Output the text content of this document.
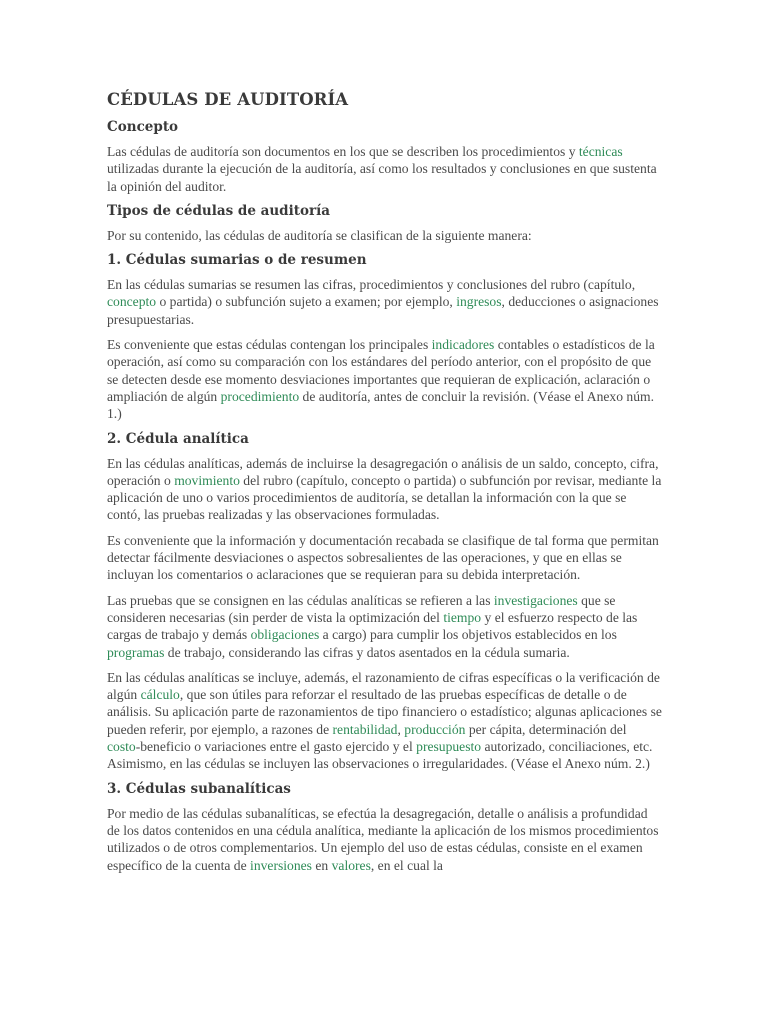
CÉDULAS DE AUDITORÍA
Concepto

Las cédulas de auditoría son documentos en los que se describen los procedimientos y técnicas utilizadas durante la ejecución de la auditoría, así como los resultados y conclusiones en que sustenta la opinión del auditor.

Tipos de cédulas de auditoría

Por su contenido, las cédulas de auditoría se clasifican de la siguiente manera:

1. Cédulas sumarias o de resumen

En las cédulas sumarias se resumen las cifras, procedimientos y conclusiones del rubro (capítulo, concepto o partida) o subfunción sujeto a examen; por ejemplo, ingresos, deducciones o asignaciones presupuestarias.

Es conveniente que estas cédulas contengan los principales indicadores contables o estadísticos de la operación, así como su comparación con los estándares del período anterior, con el propósito de que se detecten desde ese momento desviaciones importantes que requieran de explicación, aclaración o ampliación de algún procedimiento de auditoría, antes de concluir la revisión. (Véase el Anexo núm. 1.)

2. Cédula analítica

En las cédulas analíticas, además de incluirse la desagregación o análisis de un saldo, concepto, cifra, operación o movimiento del rubro (capítulo, concepto o partida) o subfunción por revisar, mediante la aplicación de uno o varios procedimientos de auditoría, se detallan la información con la que se contó, las pruebas realizadas y las observaciones formuladas.

Es conveniente que la información y documentación recabada se clasifique de tal forma que permitan detectar fácilmente desviaciones o aspectos sobresalientes de las operaciones, y que en ellas se incluyan los comentarios o aclaraciones que se requieran para su debida interpretación.

Las pruebas que se consignen en las cédulas analíticas se refieren a las investigaciones que se consideren necesarias (sin perder de vista la optimización del tiempo y el esfuerzo respecto de las cargas de trabajo y demás obligaciones a cargo) para cumplir los objetivos establecidos en los programas de trabajo, considerando las cifras y datos asentados en la cédula sumaria.

En las cédulas analíticas se incluye, además, el razonamiento de cifras específicas o la verificación de algún cálculo, que son útiles para reforzar el resultado de las pruebas específicas de detalle o de análisis. Su aplicación parte de razonamientos de tipo financiero o estadístico; algunas aplicaciones se pueden referir, por ejemplo, a razones de rentabilidad, producción per cápita, determinación del costo-beneficio o variaciones entre el gasto ejercido y el presupuesto autorizado, conciliaciones, etc. Asimismo, en las cédulas se incluyen las observaciones o irregularidades. (Véase el Anexo núm. 2.)

3. Cédulas subanalíticas

Por medio de las cédulas subanalíticas, se efectúa la desagregación, detalle o análisis a profundidad de los datos contenidos en una cédula analítica, mediante la aplicación de los mismos procedimientos utilizados o de otros complementarios. Un ejemplo del uso de estas cédulas, consiste en el examen específico de la cuenta de inversiones en valores, en el cual la
